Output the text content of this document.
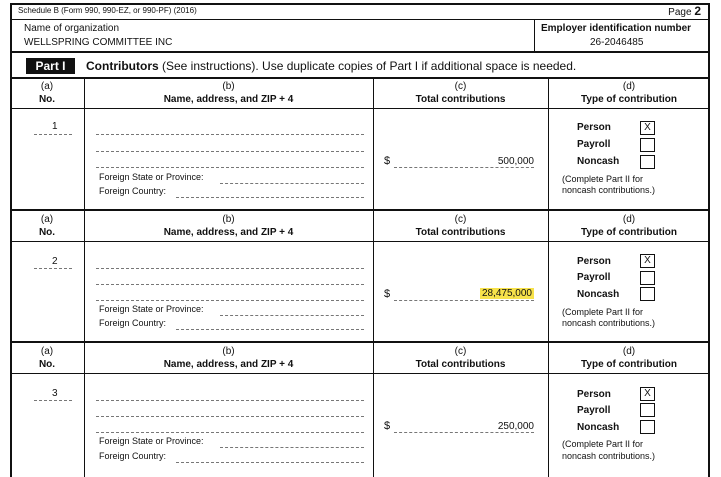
Schedule B (Form 990, 990-EZ, or 990-PF) (2016)	Page 2
Name of organization
WELLSPRING COMMITTEE INC
Employer identification number
26-2046485
Part I	Contributors (See instructions). Use duplicate copies of Part I if additional space is needed.
(a)
No.
(b)
Name, address, and ZIP + 4
(c)
Total contributions
(d)
Type of contribution
1
Foreign State or Province:
Foreign Country:
$	500,000
Person	X
Payroll
Noncash
(Complete Part II for
noncash contributions.)
(a)
No.
(b)
Name, address, and ZIP + 4
(c)
Total contributions
(d)
Type of contribution
2
Foreign State or Province:
Foreign Country:
$	28,475,000
Person	X
Payroll
Noncash
(Complete Part II for
noncash contributions.)
(a)
No.
(b)
Name, address, and ZIP + 4
(c)
Total contributions
(d)
Type of contribution
3
Foreign State or Province:
Foreign Country:
$	250,000
Person	X
Payroll
Noncash
(Complete Part II for
noncash contributions.)
